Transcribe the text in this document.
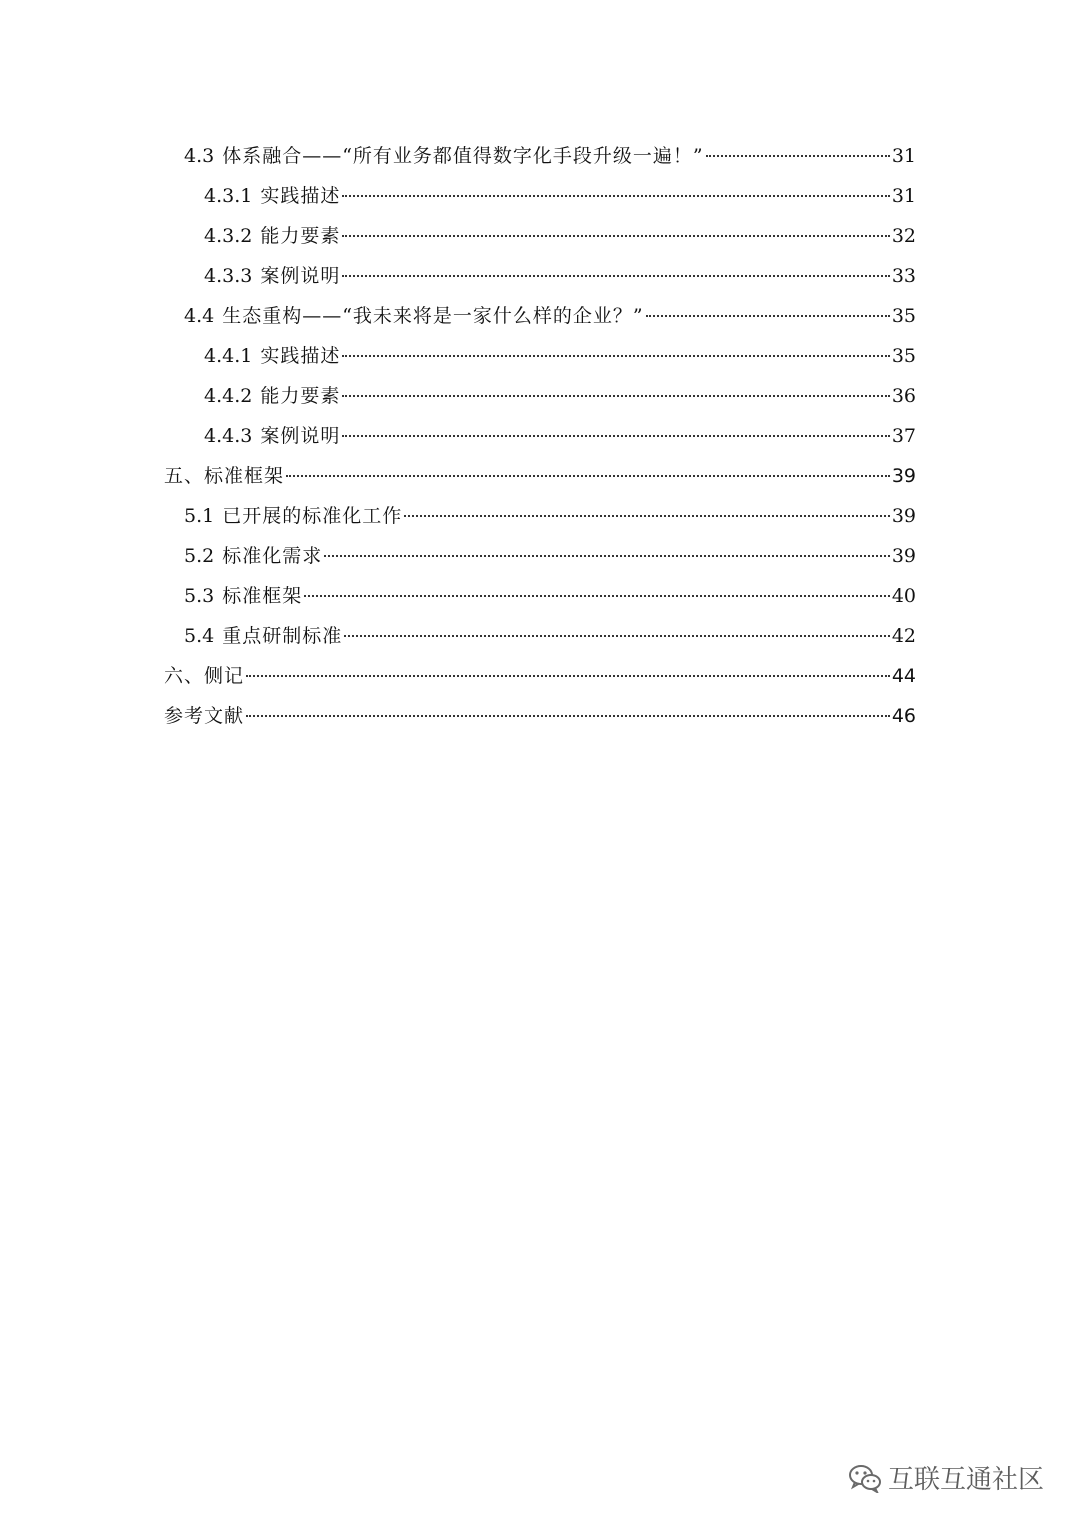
4.3 体系融合——“所有业务都值得数字化手段升级一遍！”	31
4.3.1 实践描述	31
4.3.2 能力要素	32
4.3.3 案例说明	33
4.4 生态重构——“我未来将是一家什么样的企业？”	35
4.4.1 实践描述	35
4.4.2 能力要素	36
4.4.3 案例说明	37
五、标准框架	39
5.1 已开展的标准化工作	39
5.2 标准化需求	39
5.3 标准框架	40
5.4 重点研制标准	42
六、侧记	44
参考文献	46
互联互通社区
